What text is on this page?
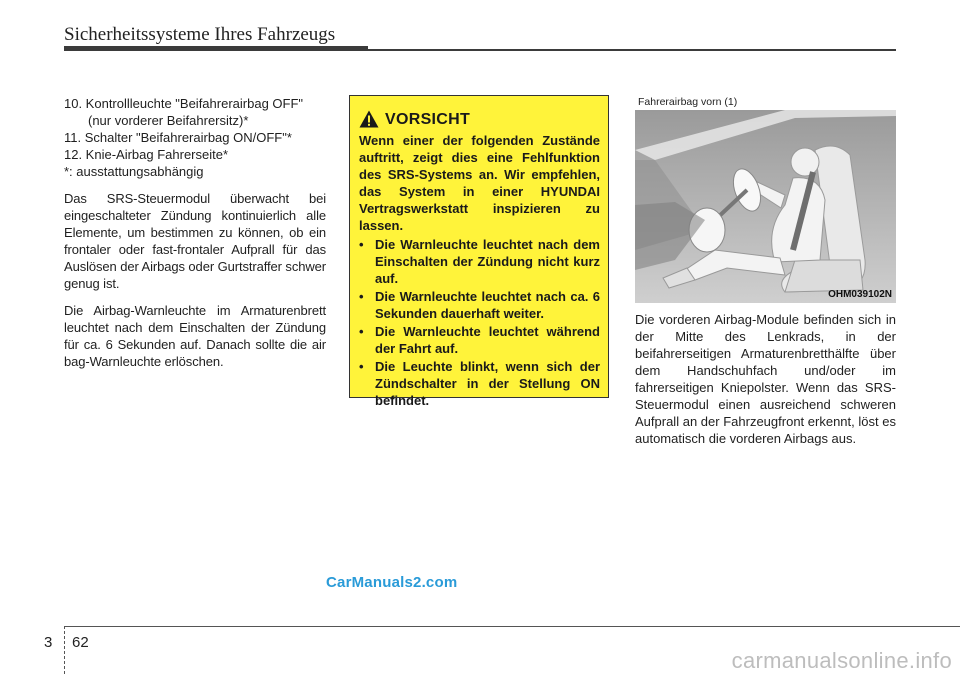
Sicherheitssysteme Ihres Fahrzeugs

10. Kontrollleuchte "Beifahrerairbag OFF"

(nur vorderer Beifahrersitz)*

11. Schalter "Beifahrerairbag ON/OFF"*

12. Knie-Airbag Fahrerseite*

*: ausstattungsabhängig

Das SRS-Steuermodul überwacht bei eingeschalteter Zündung kontinuierlich alle Elemente, um bestimmen zu können, ob ein frontaler oder fast-frontaler Aufprall für das Auslösen der Airbags oder Gurtstraffer schwer genug ist.

Die Airbag-Warnleuchte im Armaturenbrett leuchtet nach dem Einschalten der Zündung für ca. 6 Sekunden auf. Danach sollte die air bag-Warnleuchte erlöschen.

VORSICHT

Wenn einer der folgenden Zustände auftritt, zeigt dies eine Fehlfunktion des SRS-Systems an. Wir empfehlen, das System in einer HYUNDAI Vertragswerkstatt inspizieren zu lassen.

• Die Warnleuchte leuchtet nach dem Einschalten der Zündung nicht kurz auf.
• Die Warnleuchte leuchtet nach ca. 6 Sekunden dauerhaft weiter.
• Die Warnleuchte leuchtet während der Fahrt auf.
• Die Leuchte blinkt, wenn sich der Zündschalter in der Stellung ON befindet.
Fahrerairbag vorn (1)
OHM039102N

Die vorderen Airbag-Module befinden sich in der Mitte des Lenkrads, in der beifahrerseitigen Armaturenbretthälfte über dem Handschuhfach und/oder im fahrerseitigen Kniepolster. Wenn das SRS-Steuermodul einen ausreichend schweren Aufprall an der Fahrzeugfront erkennt, löst es automatisch die vorderen Airbags aus.

CarManuals2.com
3 62
carmanualsonline.info
